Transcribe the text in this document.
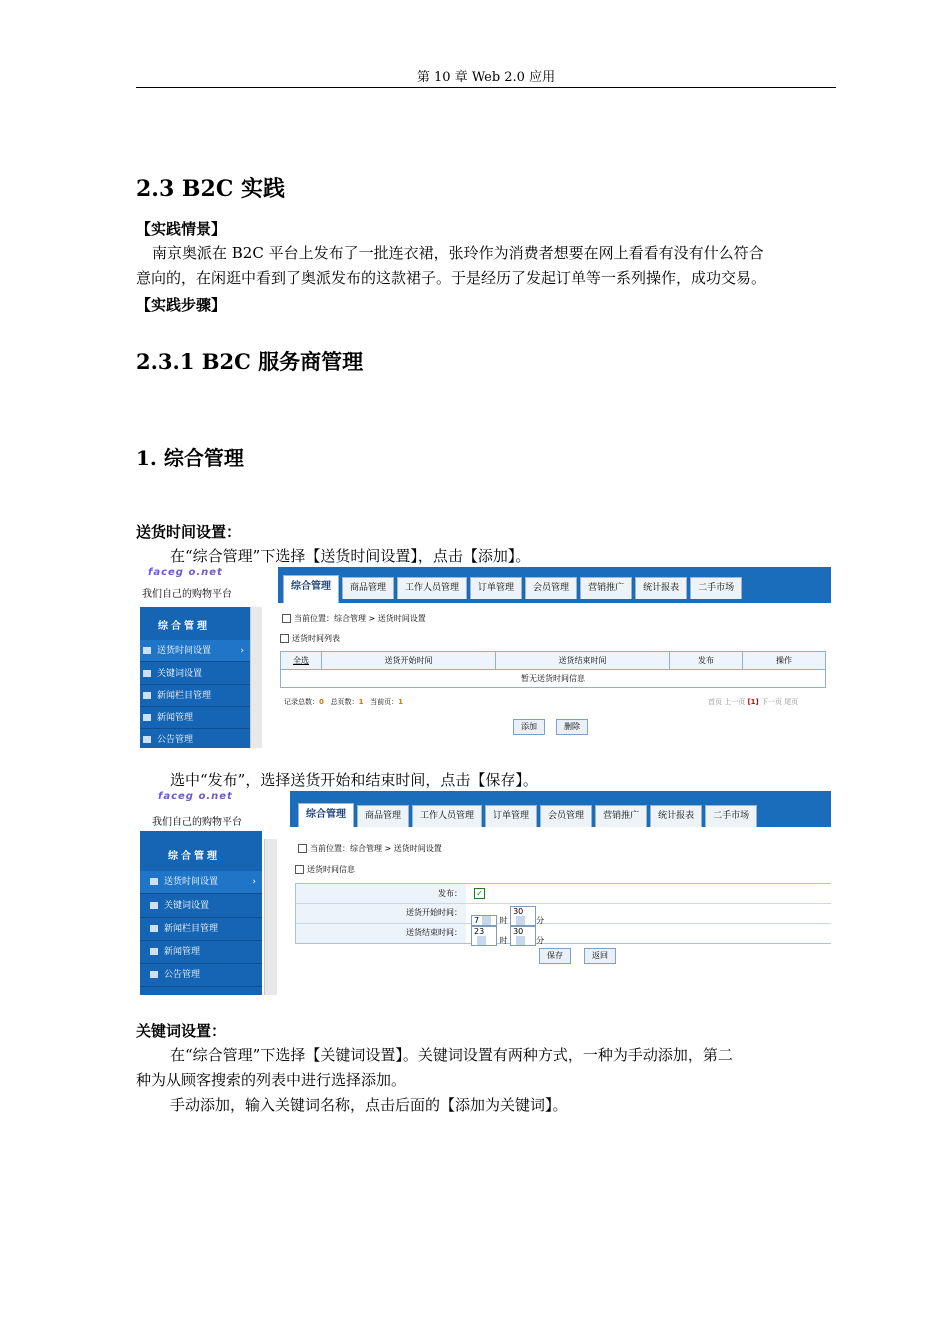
第 10 章 Web 2.0 应用
2.3 B2C 实践
【实践情景】
南京奥派在 B2C 平台上发布了一批连衣裙，张玲作为消费者想要在网上看看有没有什么符合
意向的，在闲逛中看到了奥派发布的这款裙子。于是经历了发起订单等一系列操作，成功交易。
【实践步骤】
2.3.1 B2C 服务商管理
1. 综合管理
送货时间设置：
在“综合管理”下选择【送货时间设置】，点击【添加】。
faceg o.net
我们自己的购物平台
综合管理	商品管理	工作人员管理	订单管理	会员管理	营销推广	统计报表	二手市场
综合管理
送货时间设置	›
关键词设置
新闻栏目管理
新闻管理
公告管理
当前位置：综合管理 > 送货时间设置
送货时间列表
全选	送货开始时间	送货结束时间	发布	操作
暂无送货时间信息
记录总数：0 总页数：1 当前页：1	首页 上一页 [1] 下一页 尾页
添加	删除
选中“发布”，选择送货开始和结束时间，点击【保存】。
faceg o.net
我们自己的购物平台
综合管理	商品管理	工作人员管理	订单管理	会员管理	营销推广	统计报表	二手市场
综合管理
送货时间设置	›
关键词设置
新闻栏目管理
新闻管理
公告管理
当前位置：综合管理 > 送货时间设置
送货时间信息
发布： ✓
送货开始时间：
7	时 30分
送货结束时间：	23 时 30分
保存	返回
关键词设置：
在“综合管理”下选择【关键词设置】。关键词设置有两种方式，一种为手动添加，第二
种为从顾客搜索的列表中进行选择添加。
手动添加，输入关键词名称，点击后面的【添加为关键词】。
